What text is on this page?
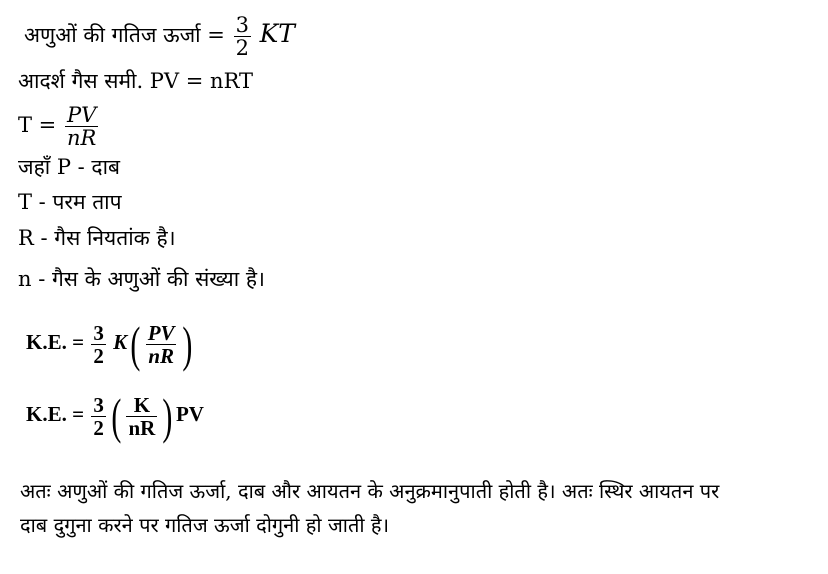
अणुओं की गतिज ऊर्जा = $\frac{3}{2}$ KT
आदर्श गैस समी. PV = nRT
$T = \frac{PV}{nR}$
जहाँ P - दाब
T - परम ताप
R - गैस नियतांक है।
n - गैस के अणुओं की संख्या है।
K.E. = $\frac{3}{2} K( \frac{PV}{nR}$ )
K.E. = $\frac{3}{2}$ ( $\frac{K}{nR}$ ) PV
अतः अणुओं की गतिज ऊर्जा, दाब और आयतन के अनुक्रमानुपाती होती है। अतः स्थिर आयतन पर
दाब दुगुना करने पर गतिज ऊर्जा दोगुनी हो जाती है।
